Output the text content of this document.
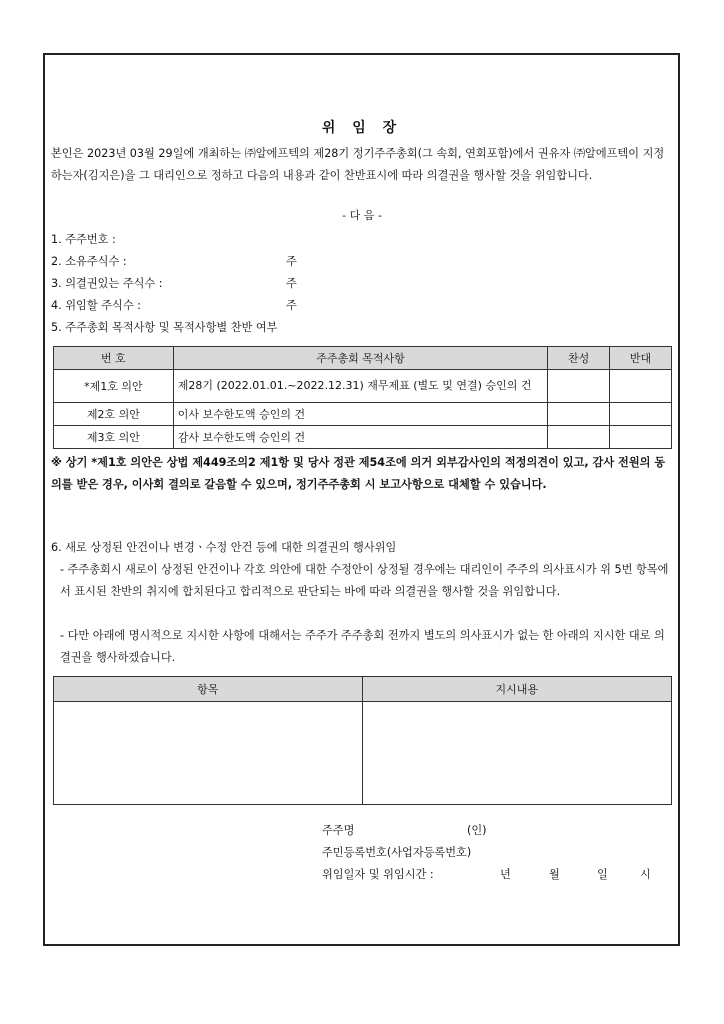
위 임 장
본인은 2023년 03월 29일에 개최하는 ㈜알에프텍의 제28기 정기주주총회(그 속회, 연회포함)에서 권유자 ㈜알에프텍이 지정하는자(김지은)을 그 대리인으로 정하고 다음의 내용과 같이 찬반표시에 따라 의결권을 행사할 것을 위임합니다.
- 다 음 -
1. 주주번호 :
2. 소유주식수 :	주
3. 의결권있는 주식수 :	주
4. 위임할 주식수 :	주
5. 주주총회 목적사항 및 목적사항별 찬반 여부
번 호	주주총회 목적사항	찬성	반대
*제1호 의안	제28기 (2022.01.01.~2022.12.31) 재무제표 (별도 및 연결) 승인의 건		
제2호 의안	이사 보수한도액 승인의 건		
제3호 의안	감사 보수한도액 승인의 건		
※ 상기 *제1호 의안은 상법 제449조의2 제1항 및 당사 정관 제54조에 의거 외부감사인의 적정의견이 있고, 감사 전원의 동의를 받은 경우, 이사회 결의로 갈음할 수 있으며, 정기주주총회 시 보고사항으로 대체할 수 있습니다.
6. 새로 상정된 안건이나 변경ㆍ수정 안건 등에 대한 의결권의 행사위임
- 주주총회시 새로이 상정된 안건이나 각호 의안에 대한 수정안이 상정될 경우에는 대리인이 주주의 의사표시가 위 5번 항목에서 표시된 찬반의 취지에 합치된다고 합리적으로 판단되는 바에 따라 의결권을 행사할 것을 위임합니다.
- 다만 아래에 명시적으로 지시한 사항에 대해서는 주주가 주주총회 전까지 별도의 의사표시가 없는 한 아래의 지시한 대로 의결권을 행사하겠습니다.
항목	지시내용

주주명	(인)
주민등록번호(사업자등록번호)
위임일자 및 위임시간 :	년	월	일	시
